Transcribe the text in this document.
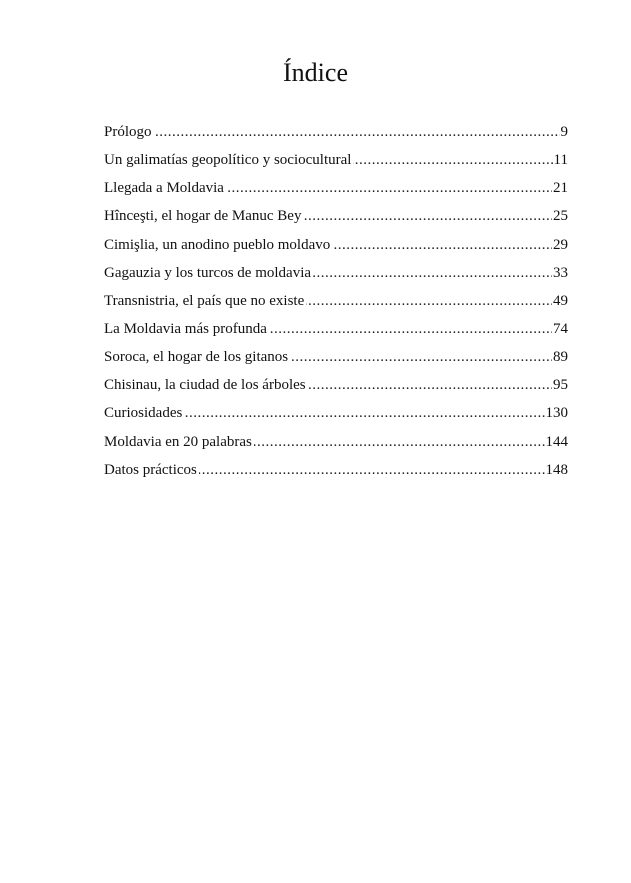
Índice
.....
Prólogo	9
.....
Un galimatías geopolítico y sociocultural	11
.....
Llegada a Moldavia	21
.....
Hînceşti, el hogar de Manuc Bey	25
.....
Cimişlia, un anodino pueblo moldavo	29
.....
Gagauzia y los turcos de moldavia	33
.....
Transnistria, el país que no existe	49
.....
La Moldavia más profunda	74
.....
Soroca, el hogar de los gitanos	89
.....
Chisinau, la ciudad de los árboles	95
.....
Curiosidades	130
.....
Moldavia en 20 palabras	144
.....
Datos prácticos	148
